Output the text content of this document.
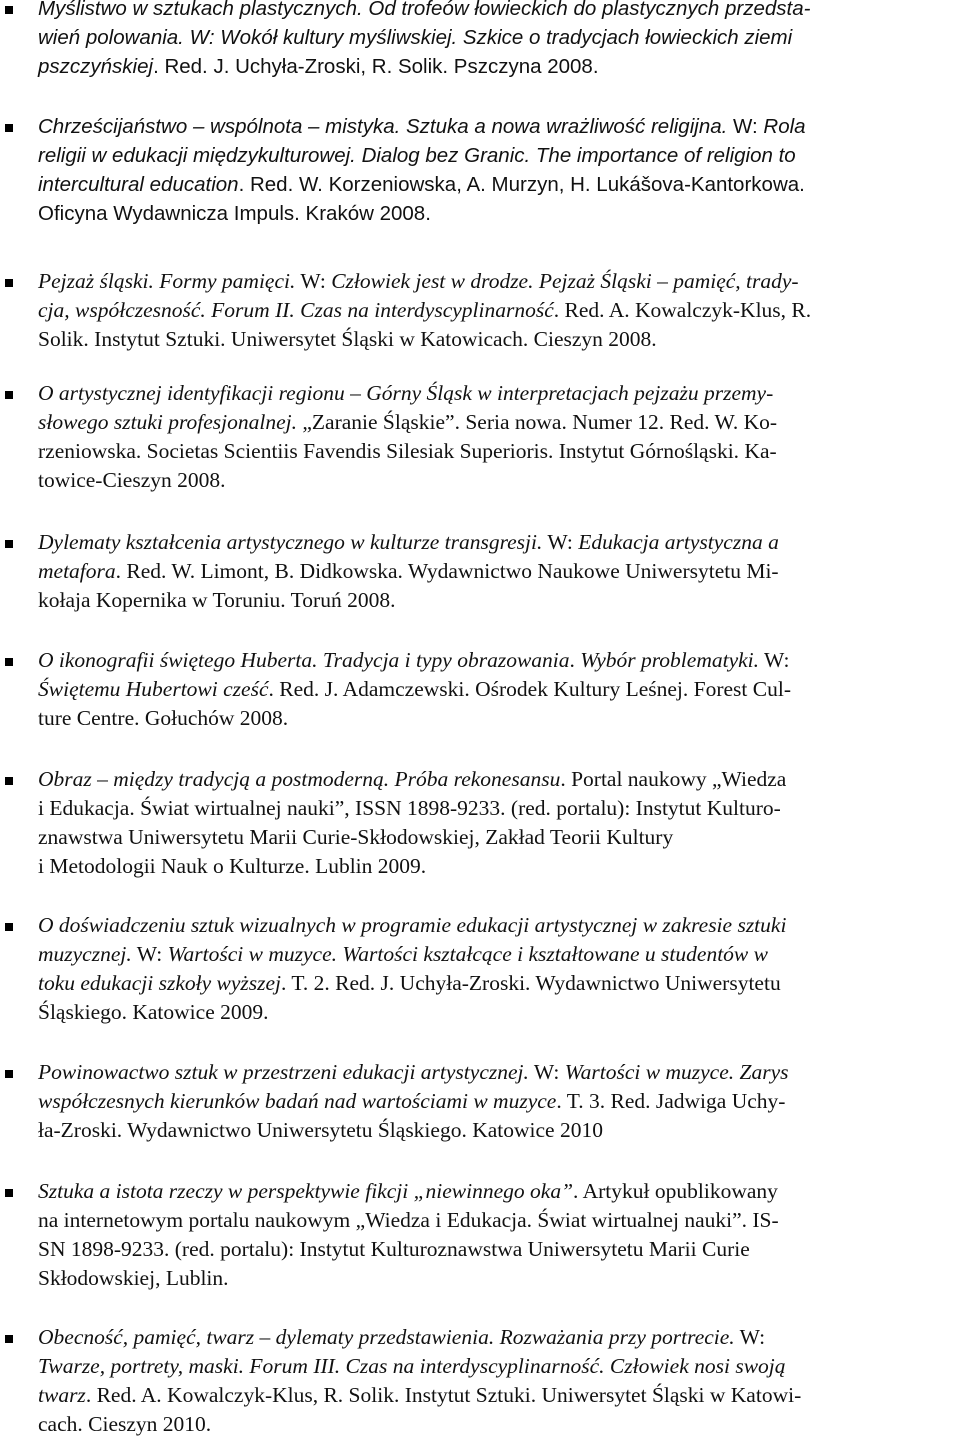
Myślistwo w sztukach plastycznych. Od trofeów łowieckich do plastycznych przedsta-
wień polowania. W: Wokół kultury myśliwskiej. Szkice o tradycjach łowieckich ziemi
pszczyńskiej. Red. J. Uchyła-Zroski, R. Solik. Pszczyna 2008.
Chrześcijaństwo – wspólnota – mistyka. Sztuka a nowa wrażliwość religijna. W: Rola
religii w edukacji międzykulturowej. Dialog bez Granic. The importance of religion to
intercultural education. Red. W. Korzeniowska, A. Murzyn, H. Lukášova-Kantorkowa.
Oficyna Wydawnicza Impuls. Kraków 2008.
Pejzaż śląski. Formy pamięci. W: Człowiek jest w drodze. Pejzaż Śląski – pamięć, trady-
cja, współczesność. Forum II. Czas na interdyscyplinarność. Red. A. Kowalczyk-Klus, R.
Solik. Instytut Sztuki. Uniwersytet Śląski w Katowicach. Cieszyn 2008.
O artystycznej identyfikacji regionu – Górny Śląsk w interpretacjach pejzażu przemy-
słowego sztuki profesjonalnej. „Zaranie Śląskie”. Seria nowa. Numer 12. Red. W. Ko-
rzeniowska. Societas Scientiis Favendis Silesiak Superioris. Instytut Górnośląski. Ka-
towice-Cieszyn 2008.
Dylematy kształcenia artystycznego w kulturze transgresji. W: Edukacja artystyczna a
metafora. Red. W. Limont, B. Didkowska. Wydawnictwo Naukowe Uniwersytetu Mi-
kołaja Kopernika w Toruniu. Toruń 2008.
O ikonografii świętego Huberta. Tradycja i typy obrazowania. Wybór problematyki. W:
Świętemu Hubertowi cześć. Red. J. Adamczewski. Ośrodek Kultury Leśnej. Forest Cul-
ture Centre. Gołuchów 2008.
Obraz – między tradycją a postmoderną. Próba rekonesansu. Portal naukowy „Wiedza
i Edukacja. Świat wirtualnej nauki”, ISSN 1898-9233. (red. portalu): Instytut Kulturo-
znawstwa Uniwersytetu Marii Curie-Skłodowskiej, Zakład Teorii Kultury
i Metodologii Nauk o Kulturze. Lublin 2009.
O doświadczeniu sztuk wizualnych w programie edukacji artystycznej w zakresie sztuki
muzycznej. W: Wartości w muzyce. Wartości kształcące i kształtowane u studentów w
toku edukacji szkoły wyższej. T. 2. Red. J. Uchyła-Zroski. Wydawnictwo Uniwersytetu
Śląskiego. Katowice 2009.
Powinowactwo sztuk w przestrzeni edukacji artystycznej. W: Wartości w muzyce. Zarys
współczesnych kierunków badań nad wartościami w muzyce. T. 3. Red. Jadwiga Uchy-
ła-Zroski. Wydawnictwo Uniwersytetu Śląskiego. Katowice 2010
Sztuka a istota rzeczy w perspektywie fikcji „niewinnego oka”. Artykuł opublikowany
na internetowym portalu naukowym „Wiedza i Edukacja. Świat wirtualnej nauki”. IS-
SN 1898-9233. (red. portalu): Instytut Kulturoznawstwa Uniwersytetu Marii Curie
Skłodowskiej, Lublin.
Obecność, pamięć, twarz – dylematy przedstawienia. Rozważania przy portrecie. W:
Twarze, portrety, maski. Forum III. Czas na interdyscyplinarność. Człowiek nosi swoją
twarz. Red. A. Kowalczyk-Klus, R. Solik. Instytut Sztuki. Uniwersytet Śląski w Katowi-
cach. Cieszyn 2010.
